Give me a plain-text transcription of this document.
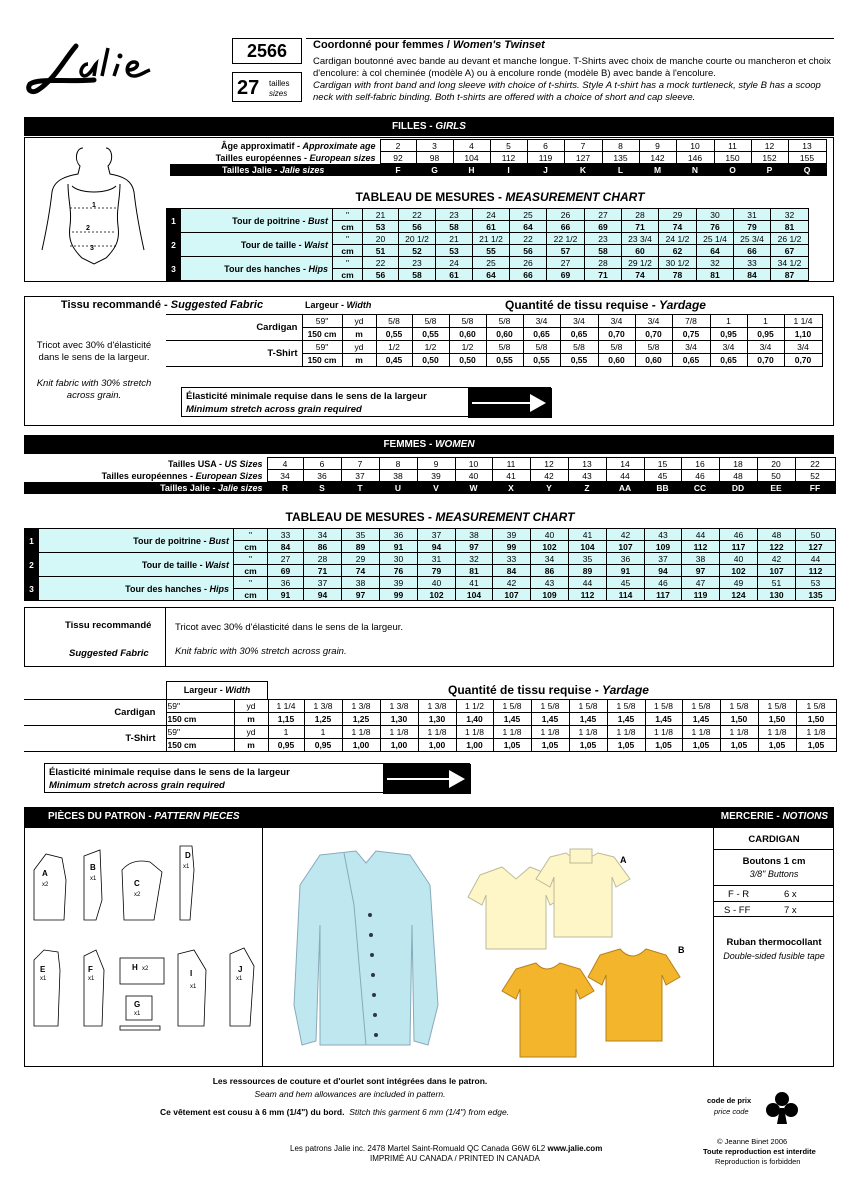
2566
27 tailles
sizes
Coordonné pour femmes / Women's Twinset
Cardigan boutonné avec bande au devant et manche longue. T-Shirts avec choix de manche courte ou mancheron et choix d'encolure: à col cheminée (modèle A) ou à encolure ronde (modèle B) avec bande à l'encolure.
Cardigan with front band and long sleeve with choice of t-shirts. Style A t-shirt has a mock turtleneck, style B has a scoop neck with self-fabric binding. Both t-shirts are offered with a choice of short and cap sleeve.
FILLES - GIRLS
1
2
3
Âge approximatif - Approximate age	2	3	4	5	6	7	8	9	10	11	12	13
Tailles européennes - European sizes	92	98	104	112	119	127	135	142	146	150	152	155
Tailles Jalie - Jalie sizes	F	G	H	I	J	K	L	M	N	O	P	Q
TABLEAU DE MESURES - MEASUREMENT CHART
1	Tour de poitrine - Bust	"	21	22	23	24	25	26	27	28	29	30	31	32
		cm	53	56	58	61	64	66	69	71	74	76	79	81
2	Tour de taille - Waist	"	20	20 1/2	21	21 1/2	22	22 1/2	23	23 3/4	24 1/2	25 1/4	25 3/4	26 1/2
		cm	51	52	53	55	56	57	58	60	62	64	66	67
3	Tour des hanches - Hips	"	22	23	24	25	26	27	28	29 1/2	30 1/2	32	33	34 1/2
		cm	56	58	61	64	66	69	71	74	78	81	84	87
Tissu recommandé - Suggested Fabric
Tricot avec 30% d'élasticité dans le sens de la largeur.
Knit fabric with 30% stretch across grain.
Largeur - Width	Quantité de tissu requise - Yardage
Cardigan	59"	yd	5/8	5/8	5/8	5/8	3/4	3/4	3/4	3/4	7/8	1	1	1 1/4
	150 cm	m	0,55	0,55	0,60	0,60	0,65	0,65	0,70	0,70	0,75	0,95	0,95	1,10
T-Shirt	59"	yd	1/2	1/2	1/2	5/8	5/8	5/8	5/8	5/8	3/4	3/4	3/4	3/4
	150 cm	m	0,45	0,50	0,50	0,55	0,55	0,55	0,60	0,60	0,65	0,65	0,70	0,70
Élasticité minimale requise dans le sens de la largeur
Minimum stretch across grain required
FEMMES - WOMEN
Tailles USA - US Sizes	4	6	7	8	9	10	11	12	13	14	15	16	18	20	22
Tailles européennes - European Sizes	34	36	37	38	39	40	41	42	43	44	45	46	48	50	52
Tailles Jalie - Jalie sizes	R	S	T	U	V	W	X	Y	Z	AA	BB	CC	DD	EE	FF
TABLEAU DE MESURES - MEASUREMENT CHART
1	Tour de poitrine - Bust	"	33	34	35	36	37	38	39	40	41	42	43	44	46	48	50
		cm	84	86	89	91	94	97	99	102	104	107	109	112	117	122	127
2	Tour de taille - Waist	"	27	28	29	30	31	32	33	34	35	36	37	38	40	42	44
		cm	69	71	74	76	79	81	84	86	89	91	94	97	102	107	112
3	Tour des hanches - Hips	"	36	37	38	39	40	41	42	43	44	45	46	47	49	51	53
		cm	91	94	97	99	102	104	107	109	112	114	117	119	124	130	135
Tissu recommandé
Suggested Fabric
Tricot avec 30% d'élasticité dans le sens de la largeur.
Knit fabric with 30% stretch across grain.
Largeur - Width	Quantité de tissu requise - Yardage
Cardigan	59"	yd	1 1/4	1 3/8	1 3/8	1 3/8	1 3/8	1 1/2	1 5/8	1 5/8	1 5/8	1 5/8	1 5/8	1 5/8	1 5/8	1 5/8	1 5/8
	150 cm	m	1,15	1,25	1,25	1,30	1,30	1,40	1,45	1,45	1,45	1,45	1,45	1,45	1,50	1,50	1,50
T-Shirt	59"	yd	1	1	1 1/8	1 1/8	1 1/8	1 1/8	1 1/8	1 1/8	1 1/8	1 1/8	1 1/8	1 1/8	1 1/8	1 1/8	1 1/8
	150 cm	m	0,95	0,95	1,00	1,00	1,00	1,00	1,05	1,05	1,05	1,05	1,05	1,05	1,05	1,05	1,05
Élasticité minimale requise dans le sens de la largeur
Minimum stretch across grain required
PIÈCES DU PATRON - PATTERN PIECES	MERCERIE - NOTIONS
A
B
C
D
E	F	H
G
I	J
x2
x1
x2
x1
x1	x1
x2
x1
x1
x1
A
B
CARDIGAN
Boutons 1 cm
3/8" Buttons
F - R	6 x
S - FF	7 x
Ruban thermocollant
Double-sided fusible tape
Les ressources de couture et d'ourlet sont intégrées dans le patron.
Seam and hem allowances are included in pattern.
Ce vêtement est cousu à 6 mm (1/4") du bord. Stitch this garment 6 mm (1/4") from edge.
Les patrons Jalie inc. 2478 Martel Saint-Romuald QC Canada G6W 6L2 www.jalie.com
IMPRIMÉ AU CANADA / PRINTED IN CANADA
code de prix
price code
© Jeanne Binet 2006
Toute reproduction est interdite
Reproduction is forbidden
